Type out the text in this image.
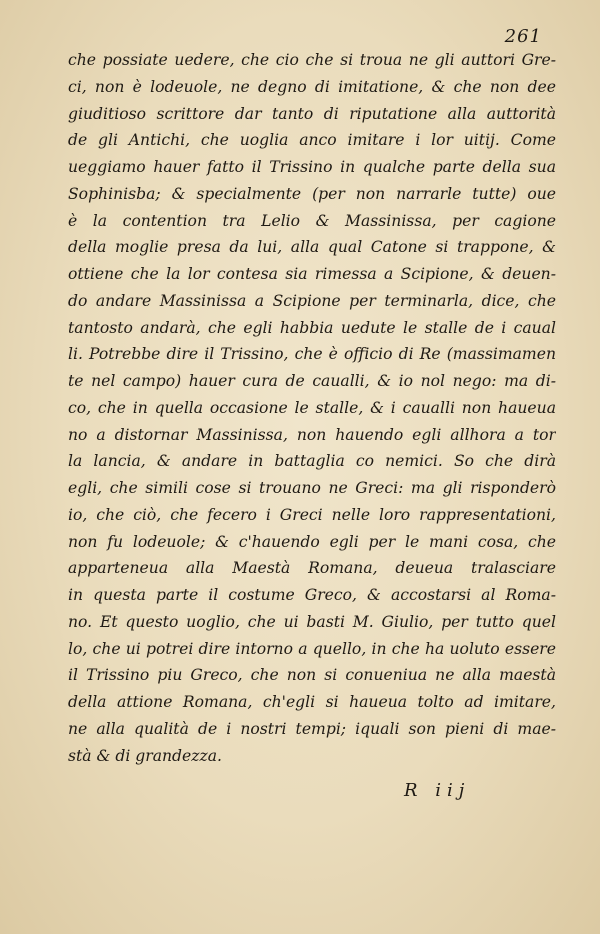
261
che possiate uedere, che cio che si troua ne gli auttori Gre-
ci, non è lodeuole, ne degno di imitatione, & che non dee
giuditioso scrittore dar tanto di riputatione alla auttorità
de gli Antichi, che uoglia anco imitare i lor uitij. Come
ueggiamo hauer fatto il Trissino in qualche parte della sua
Sophinisba; & specialmente (per non narrarle tutte) oue
è la contention tra Lelio & Massinissa, per cagione
della moglie presa da lui, alla qual Catone si trappone, &
ottiene che la lor contesa sia rimessa a Scipione, & deuen-
do andare Massinissa a Scipione per terminarla, dice, che
tantosto andarà, che egli habbia uedute le stalle de i caual
li. Potrebbe dire il Trissino, che è officio di Re (massimamen
te nel campo) hauer cura de caualli, & io nol nego: ma di-
co, che in quella occasione le stalle, & i caualli non haueua
no a distornar Massinissa, non hauendo egli allhora a tor
la lancia, & andare in battaglia co nemici. So che dirà
egli, che simili cose si trouano ne Greci: ma gli risponderò
io, che ciò, che fecero i Greci nelle loro rappresentationi,
non fu lodeuole; & c'hauendo egli per le mani cosa, che
apparteneua alla Maestà Romana, deueua tralasciare
in questa parte il costume Greco, & accostarsi al Roma-
no. Et questo uoglio, che ui basti M. Giulio, per tutto quel
lo, che ui potrei dire intorno a quello, in che ha uoluto essere
il Trissino piu Greco, che non si conueniua ne alla maestà
della attione Romana, ch'egli si haueua tolto ad imitare,
ne alla qualità de i nostri tempi; iquali son pieni di mae-
stà & di grandezza.
R iij
